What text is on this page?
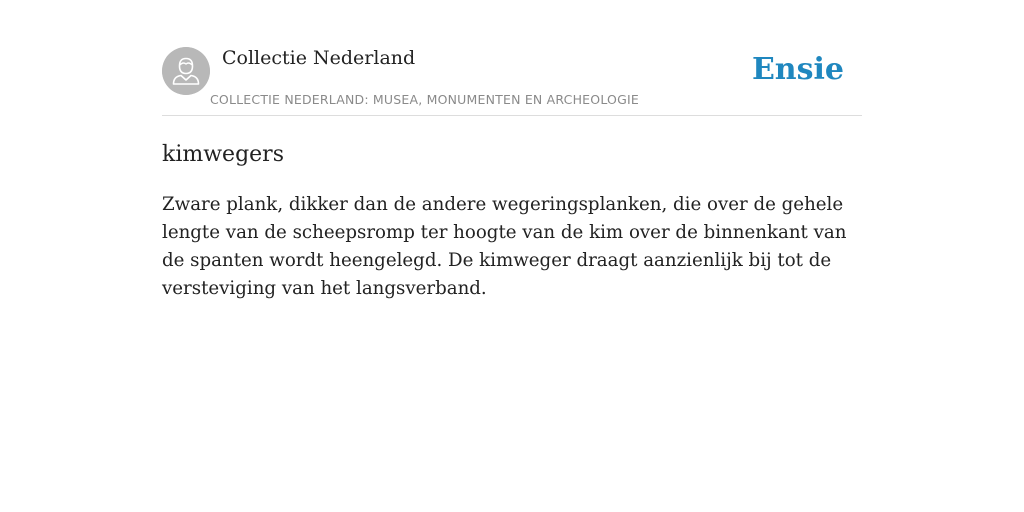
Collectie Nederland
COLLECTIE NEDERLAND: MUSEA, MONUMENTEN EN ARCHEOLOGIE
Ensie
kimwegers
Zware plank, dikker dan de andere wegeringsplanken, die over de gehele lengte van de scheepsromp ter hoogte van de kim over de binnenkant van de spanten wordt heengelegd. De kimweger draagt aanzienlijk bij tot de versteviging van het langsverband.
